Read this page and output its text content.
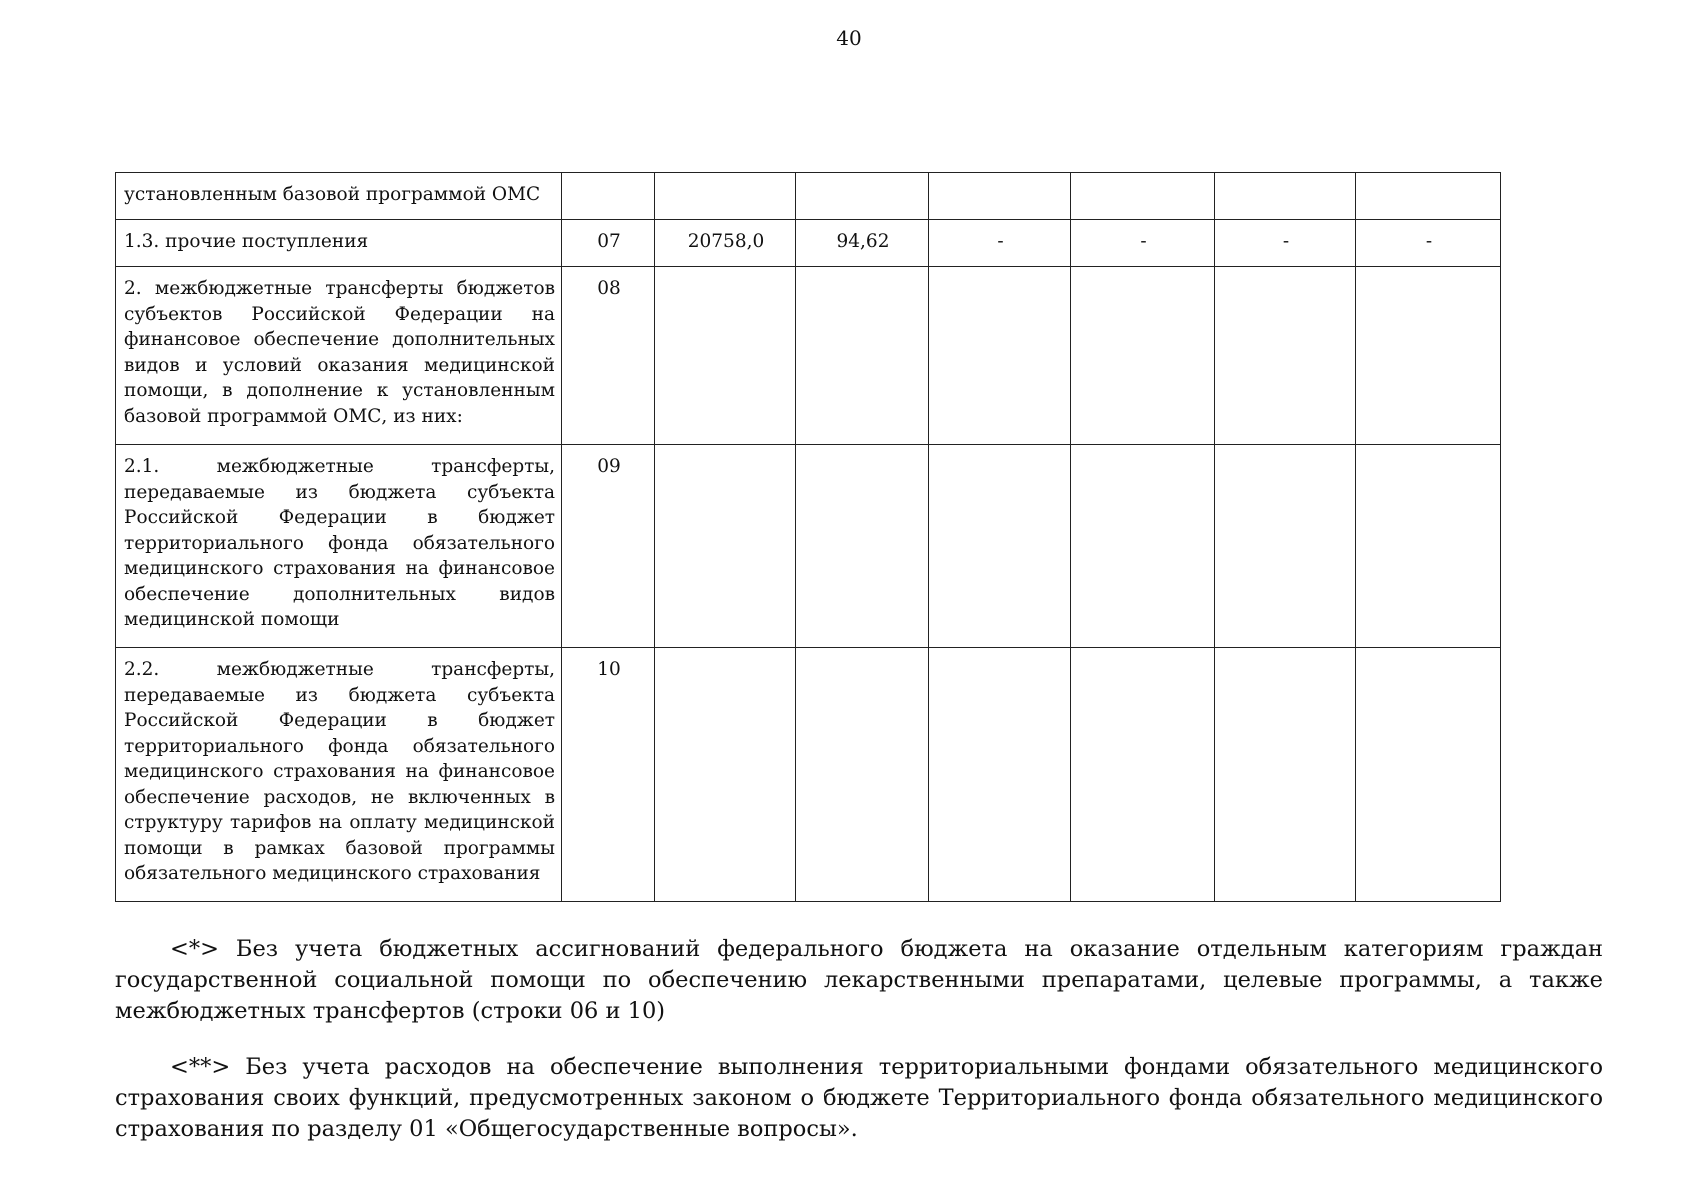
40
установленным базовой программой ОМС							
1.3. прочие поступления	07	20758,0	94,62	-	-	-	-
2. межбюджетные трансферты бюджетов субъектов Российской Федерации на финансовое обеспечение дополнительных видов и условий оказания медицинской помощи, в дополнение к установленным базовой программой ОМС, из них:	08						
2.1. межбюджетные трансферты, передаваемые из бюджета субъекта Российской Федерации в бюджет территориального фонда обязательного медицинского страхования на финансовое обеспечение дополнительных видов медицинской помощи	09						
2.2. межбюджетные трансферты, передаваемые из бюджета субъекта Российской Федерации в бюджет территориального фонда обязательного медицинского страхования на финансовое обеспечение расходов, не включенных в структуру тарифов на оплату медицинской помощи в рамках базовой программы обязательного медицинского страхования	10						

<*> Без учета бюджетных ассигнований федерального бюджета на оказание отдельным категориям граждан государственной социальной помощи по обеспечению лекарственными препаратами, целевые программы, а также межбюджетных трансфертов (строки 06 и 10)

<**> Без учета расходов на обеспечение выполнения территориальными фондами обязательного медицинского страхования своих функций, предусмотренных законом о бюджете Территориального фонда обязательного медицинского страхования по разделу 01 «Общегосударственные вопросы».
